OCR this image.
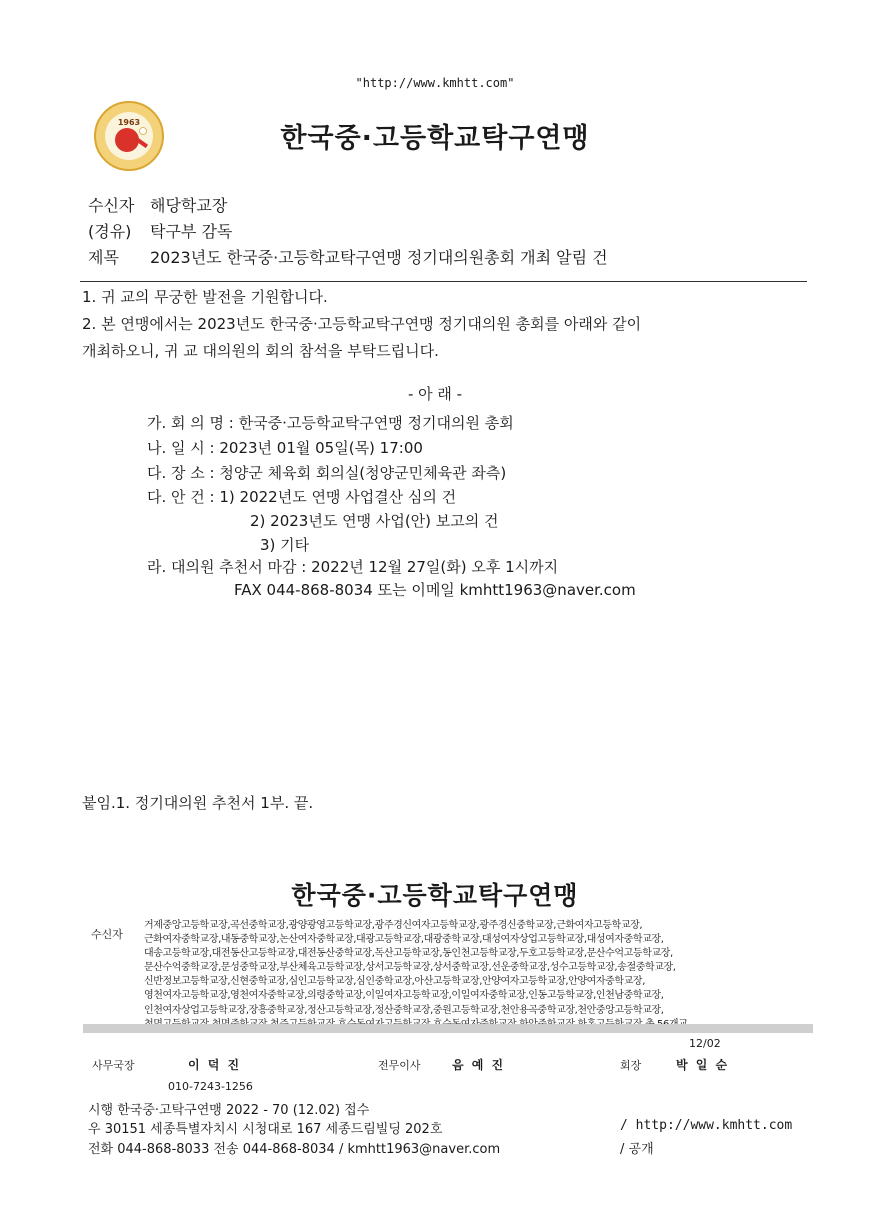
"http://www.kmhtt.com"
1963
한국중·고등학교탁구연맹
수신자 해당학교장
(경유) 탁구부 감독
제목 2023년도 한국중·고등학교탁구연맹 정기대의원총회 개최 알림 건
1. 귀 교의 무궁한 발전을 기원합니다.
2. 본 연맹에서는 2023년도 한국중·고등학교탁구연맹 정기대의원 총회를 아래와 같이
개최하오니, 귀 교 대의원의 회의 참석을 부탁드립니다.
- 아 래 -
가. 회 의 명 : 한국중·고등학교탁구연맹 정기대의원 총회
나. 일 시 : 2023년 01월 05일(목) 17:00
다. 장 소 : 청양군 체육회 회의실(청양군민체육관 좌측)
다. 안 건 : 1) 2022년도 연맹 사업결산 심의 건
2) 2023년도 연맹 사업(안) 보고의 건
3) 기타
라. 대의원 추천서 마감 : 2022년 12월 27일(화) 오후 1시까지
FAX 044-868-8034 또는 이메일 kmhtt1963@naver.com
붙임.1. 정기대의원 추천서 1부. 끝.
한국중·고등학교탁구연맹
수신자
거제중앙고등학교장,곡선중학교장,광양광영고등학교장,광주경신여자고등학교장,광주경신중학교장,근화여자고등학교장,
근화여자중학교장,내동중학교장,논산여자중학교장,대광고등학교장,대광중학교장,대성여자상업고등학교장,대성여자중학교장,
대송고등학교장,대전동산고등학교장,대전동산중학교장,독산고등학교장,동인천고등학교장,두호고등학교장,문산수억고등학교장,
문산수억중학교장,문성중학교장,부산체육고등학교장,상서고등학교장,상서중학교장,선운중학교장,성수고등학교장,송절중학교장,
신반정보고등학교장,신현중학교장,심인고등학교장,심인중학교장,아산고등학교장,안양여자고등학교장,안양여자중학교장,
영천여자고등학교장,영천여자중학교장,의령중학교장,이일여자고등학교장,이일여자중학교장,인동고등학교장,인천남중학교장,
인천여자상업고등학교장,장흥중학교장,정산고등학교장,정산중학교장,중원고등학교장,천안용곡중학교장,천안중앙고등학교장,
12/02
사무국장	이 덕 진	전무이사	음 예 진	회장	박 일 순
010-7243-1256
시행 한국중·고탁구연맹 2022 - 70 (12.02) 접수
우 30151 세종특별자치시 시청대로 167 세종드림빌딩 202호	/ http://www.kmhtt.com
전화 044-868-8033 전송 044-868-8034 / kmhtt1963@naver.com	/ 공개
